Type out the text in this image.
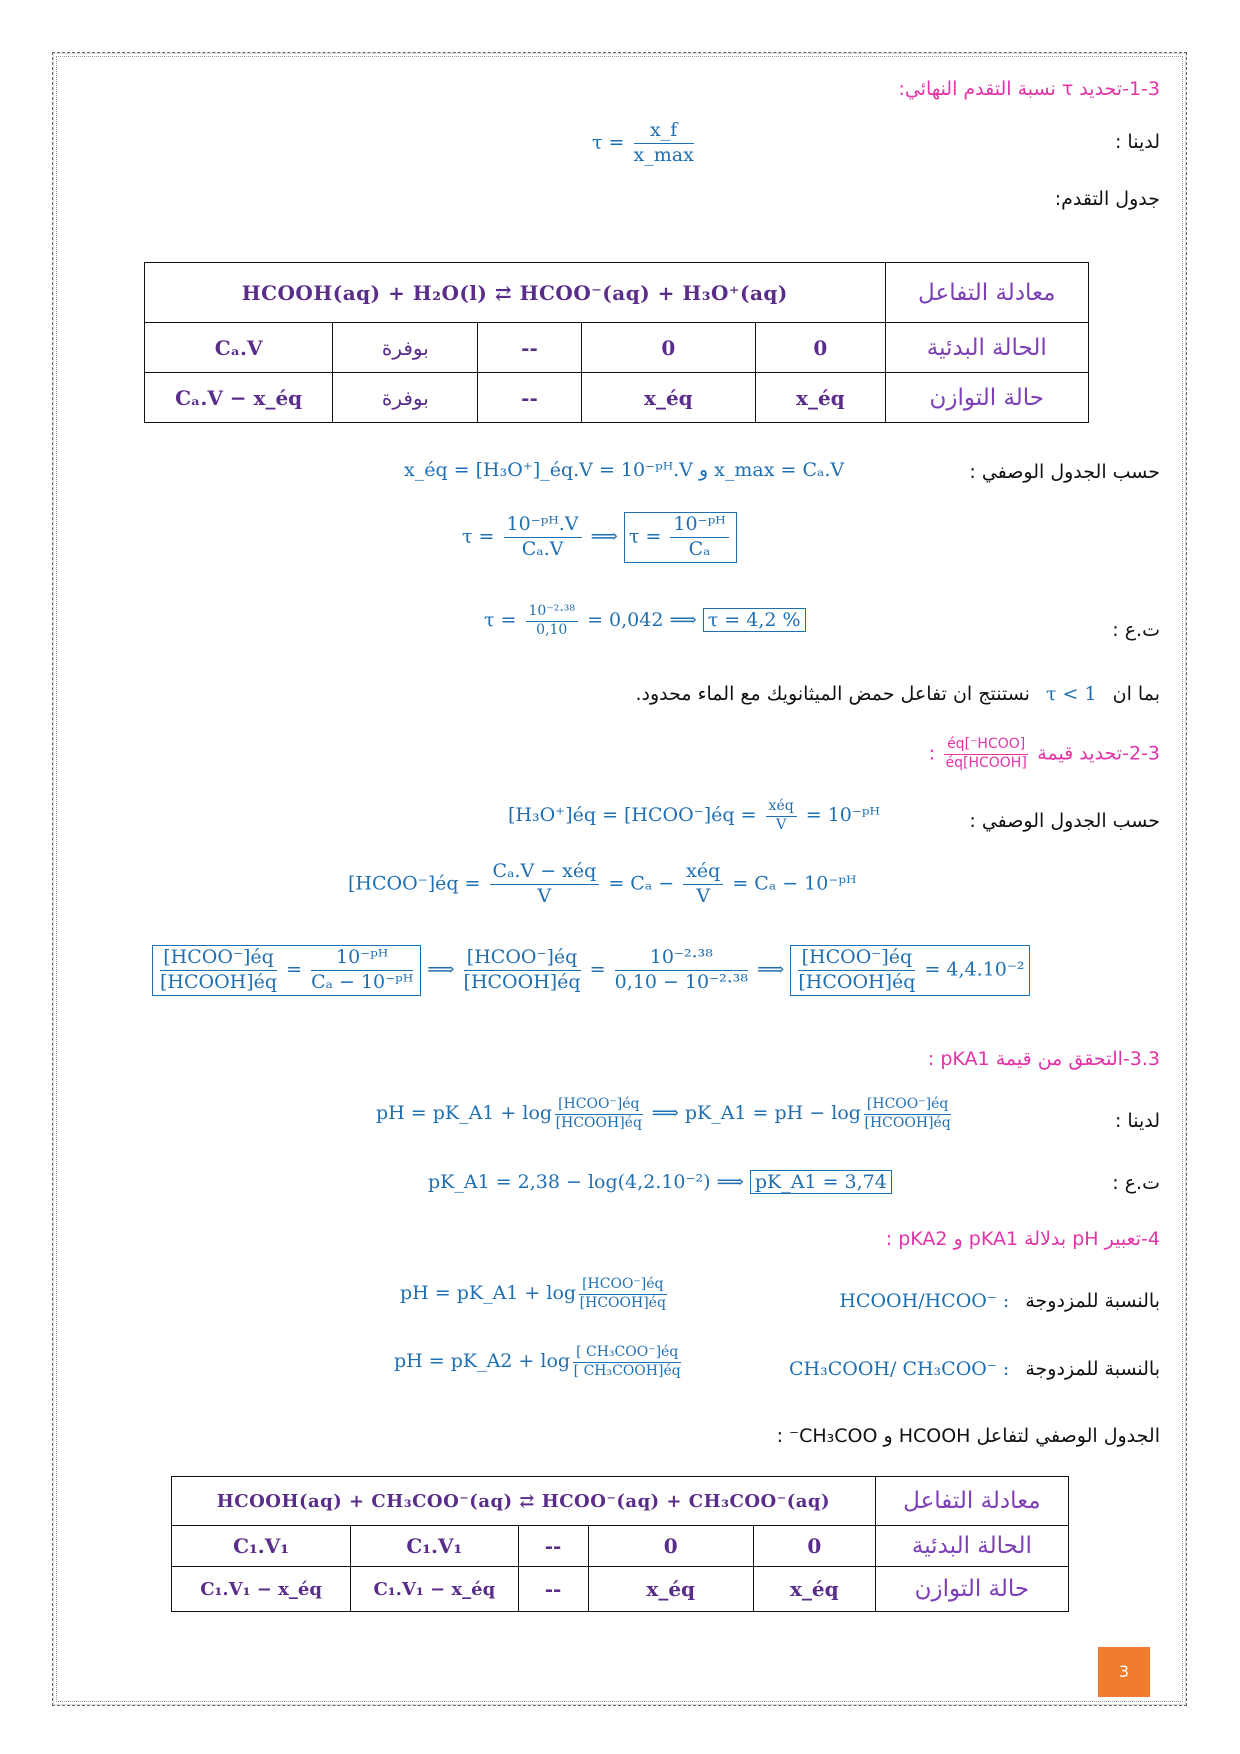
1-3-تحديد τ نسبة التقدم النهائي:
لدينا :
$\tau = \frac{x\_f}{x\_\max}$
جدول التقدم:
HCOOH(aq) + H₂O(l) ⇄ HCOO⁻(aq) + H₃O⁺(aq)					معادلة التفاعل
Cₐ.V	بوفرة	--	0	0	الحالة البدئية
Cₐ.V − x_éq	بوفرة	--	x_éq	x_éq	حالة التوازن
حسب الجدول الوصفي :
x_éq = [H₃O⁺]_éq.V = 10⁻ᵖᴴ.V و x_max = Cₐ.V
$\tau = \frac{\text{10⁻ᵖᴴ.V}}{\text{Cₐ.V}}$ ⟹ $\tau = \frac{\text{10⁻ᵖᴴ}}{\text{Cₐ}}$
ت.ع :
$\tau = \frac{\text{10⁻²·³⁸}}{0,10} = 0,042$ ⟹ τ = 4,2 %
بما ان τ < 1 نستنتج ان تفاعل حمض الميثانويك مع الماء محدود.
2-3-تحديد قيمة
$\frac{\text{[HCOO⁻]éq}}{\text{[HCOOH]éq}}$
:
حسب الجدول الوصفي :
[H₃O⁺]éq = [HCOO⁻]éq = $\frac{\text{xéq}}{V}$ = 10⁻ᵖᴴ
[HCOO⁻]éq = $\frac{\text{Cₐ.V − xéq}}{V} = C_a - \frac{\text{xéq}}{V} = C_a$ − 10⁻ᵖᴴ
$\frac{\text{[HCOO⁻]éq}}{\text{[HCOOH]éq}} = \frac{\text{10⁻ᵖᴴ}}{\text{Cₐ − 10⁻ᵖᴴ}}$ ⟹ $\frac{\text{[HCOO⁻]éq}}{\text{[HCOOH]éq}} = \frac{\text{10⁻²·³⁸}}{\text{0,10 − 10⁻²·³⁸}}$ ⟹ $\frac{\text{[HCOO⁻]éq}}{\text{[HCOOH]éq}} = 4,4.10^{-2}$
3.3-التحقق من قيمة pKA1 :
لدينا :
pH = pK_A1 + $\log \frac{\text{[HCOO⁻]éq}}{\text{[HCOOH]éq}}$ ⟹ pK_A1 = pH − $\log \frac{\text{[HCOO⁻]éq}}{\text{[HCOOH]éq}}$
ت.ع :
pK_A1 = 2,38 − log(4,2.10⁻²) ⟹ pK_A1 = 3,74
4-تعبير pH بدلالة pKA1 و pKA2 :
بالنسبة للمزدوجة HCOOH/HCOO⁻ :
pH = pK_A1 + $\log \frac{\text{[HCOO⁻]éq}}{\text{[HCOOH]éq}}$
بالنسبة للمزدوجة CH₃COOH/ CH₃COO⁻ :
pH = pK_A2 + $\log \frac{\text{[ CH₃COO⁻]éq}}{\text{[ CH₃COOH]éq}}$
الجدول الوصفي لتفاعل HCOOH و CH₃COO⁻ :
HCOOH(aq) + CH₃COO⁻(aq) ⇄ HCOO⁻(aq) + CH₃COO⁻(aq)					معادلة التفاعل
C₁.V₁	C₁.V₁	--	0	0	الحالة البدئية
C₁.V₁ − x_éq	C₁.V₁ − x_éq	--	x_éq	x_éq	حالة التوازن
3
